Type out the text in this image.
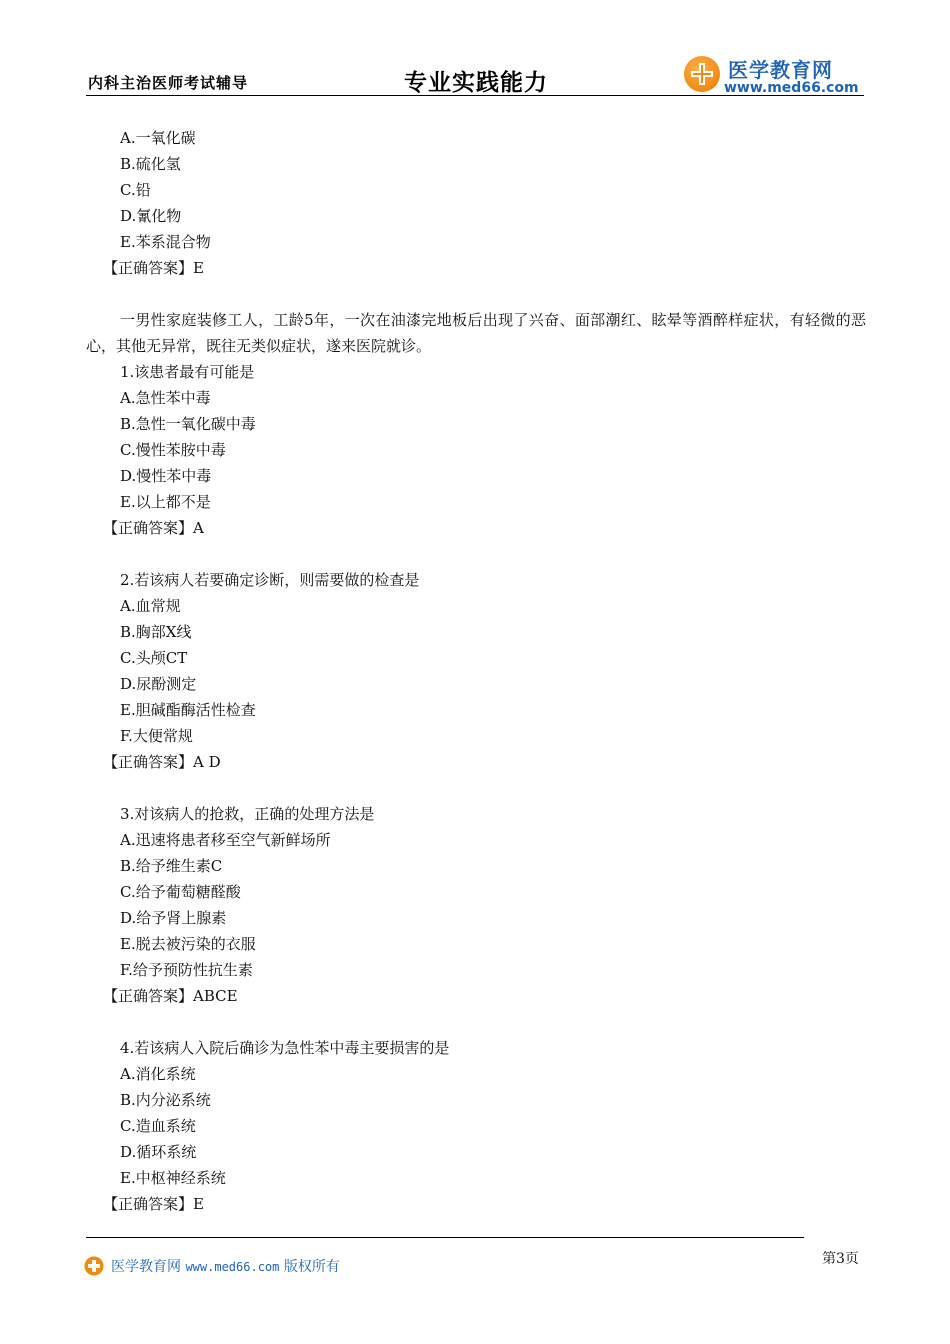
内科主治医师考试辅导	专业实践能力	医学教育网
www.med66.com
A.一氧化碳
B.硫化氢
C.铅
D.氰化物
E.苯系混合物
【正确答案】E
一男性家庭装修工人，工龄5年，一次在油漆完地板后出现了兴奋、面部潮红、眩晕等酒醉样症状，有轻微的恶心，其他无异常，既往无类似症状，遂来医院就诊。
1.该患者最有可能是
A.急性苯中毒
B.急性一氧化碳中毒
C.慢性苯胺中毒
D.慢性苯中毒
E.以上都不是
【正确答案】A
2.若该病人若要确定诊断，则需要做的检查是
A.血常规
B.胸部X线
C.头颅CT
D.尿酚测定
E.胆碱酯酶活性检查
F.大便常规
【正确答案】A D
3.对该病人的抢救，正确的处理方法是
A.迅速将患者移至空气新鲜场所
B.给予维生素C
C.给予葡萄糖醛酸
D.给予肾上腺素
E.脱去被污染的衣服
F.给予预防性抗生素
【正确答案】ABCE
4.若该病人入院后确诊为急性苯中毒主要损害的是
A.消化系统
B.内分泌系统
C.造血系统
D.循环系统
E.中枢神经系统
【正确答案】E
医学教育网 www.med66.com 版权所有	第3页
